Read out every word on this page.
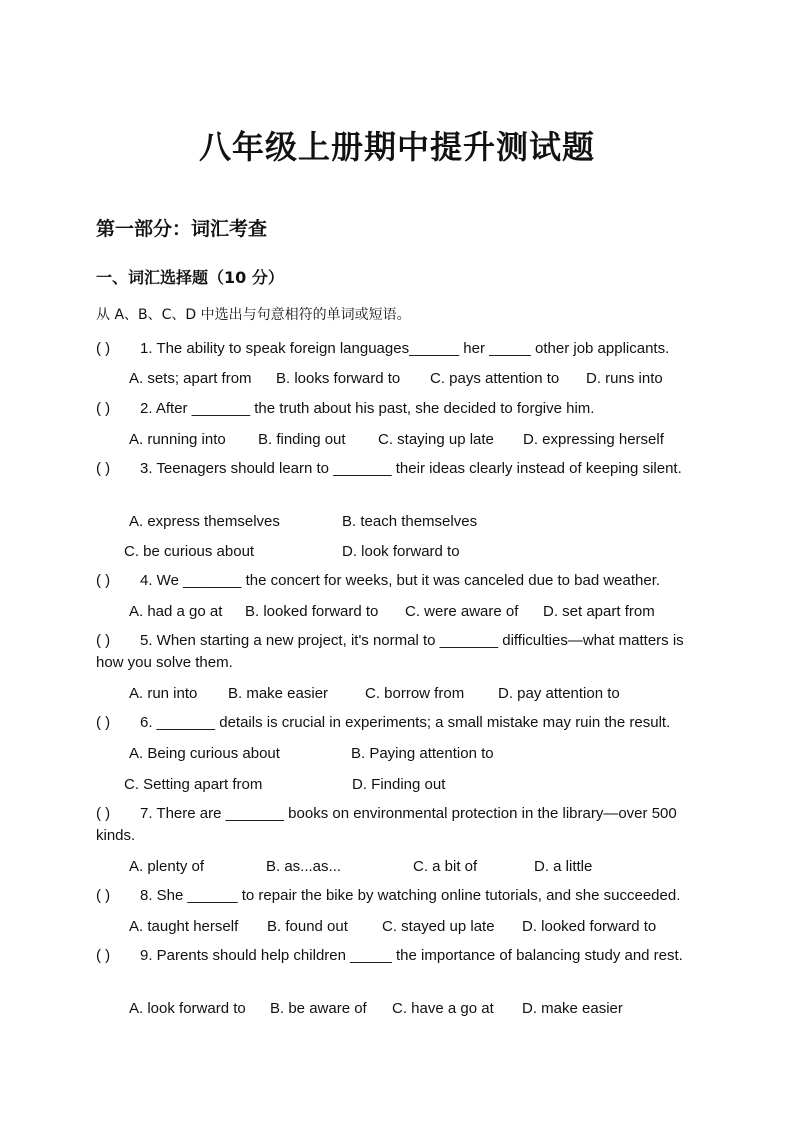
八年级上册期中提升测试题
第一部分：词汇考查
一、词汇选择题（10 分）
从 A、B、C、D 中选出与句意相符的单词或短语。
( ) 1. The ability to speak foreign languages______ her _____ other job applicants.
A. sets; apart from B. looks forward to C. pays attention to D. runs into
( ) 2. After _______ the truth about his past, she decided to forgive him.
A. running into B. finding out C. staying up late D. expressing herself
( ) 3. Teenagers should learn to _______ their ideas clearly instead of keeping silent.
A. express themselves	B. teach themselves
C. be curious about	D. look forward to
( ) 4. We _______ the concert for weeks, but it was canceled due to bad weather.
A. had a go at B. looked forward to C. were aware of D. set apart from
( ) 5. When starting a new project, it's normal to _______ difficulties—what matters is how you solve them.
A. run into B. make easier C. borrow from D. pay attention to
( ) 6. _______ details is crucial in experiments; a small mistake may ruin the result.
A. Being curious about	B. Paying attention to
C. Setting apart from	D. Finding out
( ) 7. There are _______ books on environmental protection in the library—over 500 kinds.
A. plenty of	B. as...as...	C. a bit of	D. a little
( ) 8. She ______ to repair the bike by watching online tutorials, and she succeeded.
A. taught herself B. found out C. stayed up late D. looked forward to
( ) 9. Parents should help children _____ the importance of balancing study and rest.
A. look forward to B. be aware of C. have a go at D. make easier
